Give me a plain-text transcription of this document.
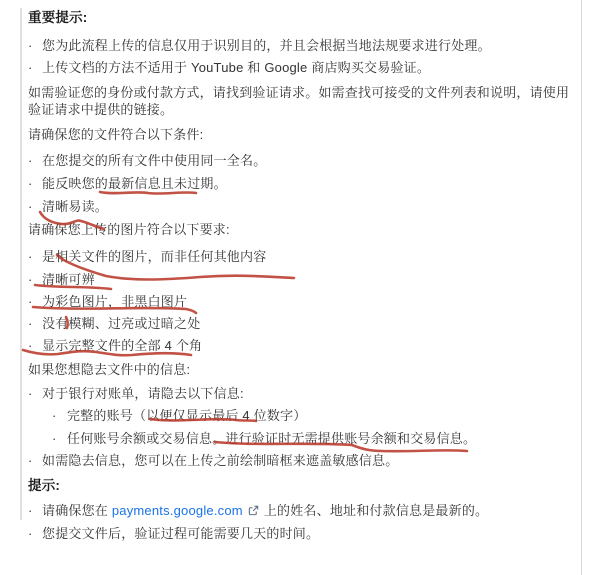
重要提示:
· 您为此流程上传的信息仅用于识别目的，并且会根据当地法规要求进行处理。
· 上传文档的方法不适用于 YouTube 和 Google 商店购买交易验证。
如需验证您的身份或付款方式，请找到验证请求。如需查找可接受的文件列表和说明，请使用
验证请求中提供的链接。
请确保您的文件符合以下条件:
· 在您提交的所有文件中使用同一全名。
· 能反映您的最新信息且未过期。
· 清晰易读。
请确保您上传的图片符合以下要求:
· 是相关文件的图片，而非任何其他内容
· 清晰可辨
· 为彩色图片，非黑白图片
· 没有模糊、过亮或过暗之处
· 显示完整文件的全部 4 个角
如果您想隐去文件中的信息:
· 对于银行对账单，请隐去以下信息:
· 完整的账号（以便仅显示最后 4 位数字）
· 任何账号余额或交易信息。进行验证时无需提供账号余额和交易信息。
· 如需隐去信息，您可以在上传之前绘制暗框来遮盖敏感信息。
提示:
· 请确保您在 payments.google.com 上的姓名、地址和付款信息是最新的。
· 您提交文件后，验证过程可能需要几天的时间。
